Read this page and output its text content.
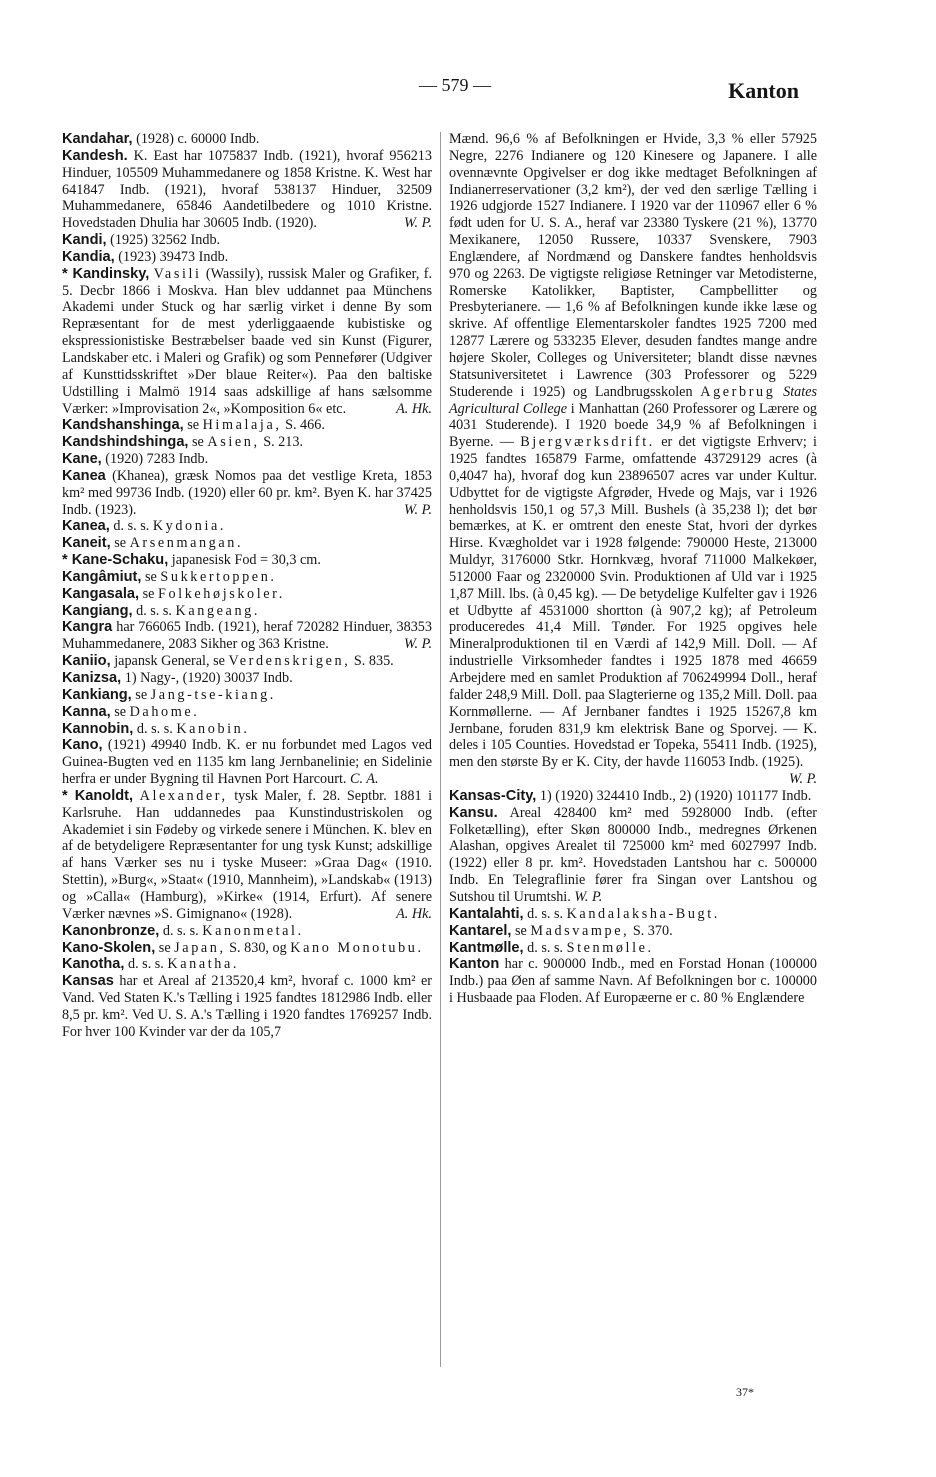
— 579 —	Kanton

Kandahar, (1928) c. 60000 Indb.

Kandesh. K. East har 1075837 Indb. (1921), hvoraf 956213 Hinduer, 105509 Muhammedanere og 1858 Kristne. K. West har 641847 Indb. (1921), hvoraf 538137 Hinduer, 32509 Muhammedanere, 65846 Aandetilbedere og 1010 Kristne. Hovedstaden Dhulia har 30605 Indb. (1920).	W. P.

Kandi, (1925) 32562 Indb.

Kandia, (1923) 39473 Indb.

* Kandinsky, Vasili (Wassily), russisk Maler og Grafiker, f. 5. Decbr 1866 i Moskva. Han blev uddannet paa Münchens Akademi under Stuck og har særlig virket i denne By som Repræsentant for de mest yderliggaaende kubistiske og ekspressionistiske Bestræbelser baade ved sin Kunst (Figurer, Landskaber etc. i Maleri og Grafik) og som Pennefører (Udgiver af Kunsttidsskriftet »Der blaue Reiter«). Paa den baltiske Udstilling i Malmö 1914 saas adskillige af hans sælsomme Værker: »Improvisation 2«, »Komposition 6« etc.	A. Hk.

Kandshanshinga, se Himalaja, S. 466.

Kandshindshinga, se Asien, S. 213.

Kane, (1920) 7283 Indb.

Kanea (Khanea), græsk Nomos paa det vestlige Kreta, 1853 km² med 99736 Indb. (1920) eller 60 pr. km². Byen K. har 37425 Indb. (1923).	W. P.

Kanea, d. s. s. Kydonia.

Kaneit, se Arsenmangan.

* Kane-Schaku, japanesisk Fod = 30,3 cm.

Kangâmiut, se Sukkertoppen.

Kangasala, se Folkehøjskoler.

Kangiang, d. s. s. Kangeang.

Kangra har 766065 Indb. (1921), heraf 720282 Hinduer, 38353 Muhammedanere, 2083 Sikher og 363 Kristne.	W. P.

Kaniio, japansk General, se Verdenskrigen, S. 835.

Kanizsa, 1) Nagy-, (1920) 30037 Indb.

Kankiang, se Jang-tse-kiang.

Kanna, se Dahome.

Kannobin, d. s. s. Kanobin.

Kano, (1921) 49940 Indb. K. er nu forbundet med Lagos ved Guinea-Bugten ved en 1135 km lang Jernbanelinie; en Sidelinie herfra er under Bygning til Havnen Port Harcourt. C. A.

* Kanoldt, Alexander, tysk Maler, f. 28. Septbr. 1881 i Karlsruhe. Han uddannedes paa Kunstindustriskolen og Akademiet i sin Fødeby og virkede senere i München. K. blev en af de betydeligere Repræsentanter for ung tysk Kunst; adskillige af hans Værker ses nu i tyske Museer: »Graa Dag« (1910. Stettin), »Burg«, »Staat« (1910, Mannheim), »Landskab« (1913) og »Calla« (Hamburg), »Kirke« (1914, Erfurt). Af senere Værker nævnes »S. Gimignano« (1928).	A. Hk.

Kanonbronze, d. s. s. Kanonmetal.

Kano-Skolen, se Japan, S. 830, og Kano Monotubu.

Kanotha, d. s. s. Kanatha.

Kansas har et Areal af 213520,4 km², hvoraf c. 1000 km² er Vand. Ved Staten K.'s Tælling i 1925 fandtes 1812986 Indb. eller 8,5 pr. km². Ved U. S. A.'s Tælling i 1920 fandtes 1769257 Indb. For hver 100 Kvinder var der da 105,7

Mænd. 96,6 % af Befolkningen er Hvide, 3,3 % eller 57925 Negre, 2276 Indianere og 120 Kinesere og Japanere. I alle ovennævnte Opgivelser er dog ikke medtaget Befolkningen af Indianerreservationer (3,2 km²), der ved den særlige Tælling i 1926 udgjorde 1527 Indianere. I 1920 var der 110967 eller 6 % født uden for U. S. A., heraf var 23380 Tyskere (21 %), 13770 Mexikanere, 12050 Russere, 10337 Svenskere, 7903 Englændere, af Nordmænd og Danskere fandtes henholdsvis 970 og 2263. De vigtigste religiøse Retninger var Metodisterne, Romerske Katolikker, Baptister, Campbellitter og Presbyterianere. — 1,6 % af Befolkningen kunde ikke læse og skrive. Af offentlige Elementarskoler fandtes 1925 7200 med 12877 Lærere og 533235 Elever, desuden fandtes mange andre højere Skoler, Colleges og Universiteter; blandt disse nævnes Statsuniversitetet i Lawrence (303 Professorer og 5229 Studerende i 1925) og Landbrugsskolen Agerbrug States Agricultural College i Manhattan (260 Professorer og Lærere og 4031 Studerende). I 1920 boede 34,9 % af Befolkningen i Byerne. — Bjergværksdrift. er det vigtigste Erhverv; i 1925 fandtes 165879 Farme, omfattende 43729129 acres (à 0,4047 ha), hvoraf dog kun 23896507 acres var under Kultur. Udbyttet for de vigtigste Afgrøder, Hvede og Majs, var i 1926 henholdsvis 150,1 og 57,3 Mill. Bushels (à 35,238 l); det bør bemærkes, at K. er omtrent den eneste Stat, hvori der dyrkes Hirse. Kvægholdet var i 1928 følgende: 790000 Heste, 213000 Muldyr, 3176000 Stkr. Hornkvæg, hvoraf 711000 Malkekøer, 512000 Faar og 2320000 Svin. Produktionen af Uld var i 1925 1,87 Mill. lbs. (à 0,45 kg). — De betydelige Kulfelter gav i 1926 et Udbytte af 4531000 shortton (à 907,2 kg); af Petroleum produceredes 41,4 Mill. Tønder. For 1925 opgives hele Mineralproduktionen til en Værdi af 142,9 Mill. Doll. — Af industrielle Virksomheder fandtes i 1925 1878 med 46659 Arbejdere med en samlet Produktion af 706249994 Doll., heraf falder 248,9 Mill. Doll. paa Slagterierne og 135,2 Mill. Doll. paa Kornmøllerne. — Af Jernbaner fandtes i 1925 15267,8 km Jernbane, foruden 831,9 km elektrisk Bane og Sporvej. — K. deles i 105 Counties. Hovedstad er Topeka, 55411 Indb. (1925), men den største By er K. City, der havde 116053 Indb. (1925).
W. P.

Kansas-City, 1) (1920) 324410 Indb., 2) (1920) 101177 Indb.

Kansu. Areal 428400 km² med 5928000 Indb. (efter Folketælling), efter Skøn 800000 Indb., medregnes Ørkenen Alashan, opgives Arealet til 725000 km² med 6027997 Indb. (1922) eller 8 pr. km². Hovedstaden Lantshou har c. 500000 Indb. En Telegraflinie fører fra Singan over Lantshou og Sutshou til Urumtshi. W. P.

Kantalahti, d. s. s. Kandalaksha-Bugt.

Kantarel, se Madsvampe, S. 370.

Kantmølle, d. s. s. Stenmølle.

Kanton har c. 900000 Indb., med en Forstad Honan (100000 Indb.) paa Øen af samme Navn. Af Befolkningen bor c. 100000 i Husbaade paa Floden. Af Europæerne er c. 80 % Englændere

37*
